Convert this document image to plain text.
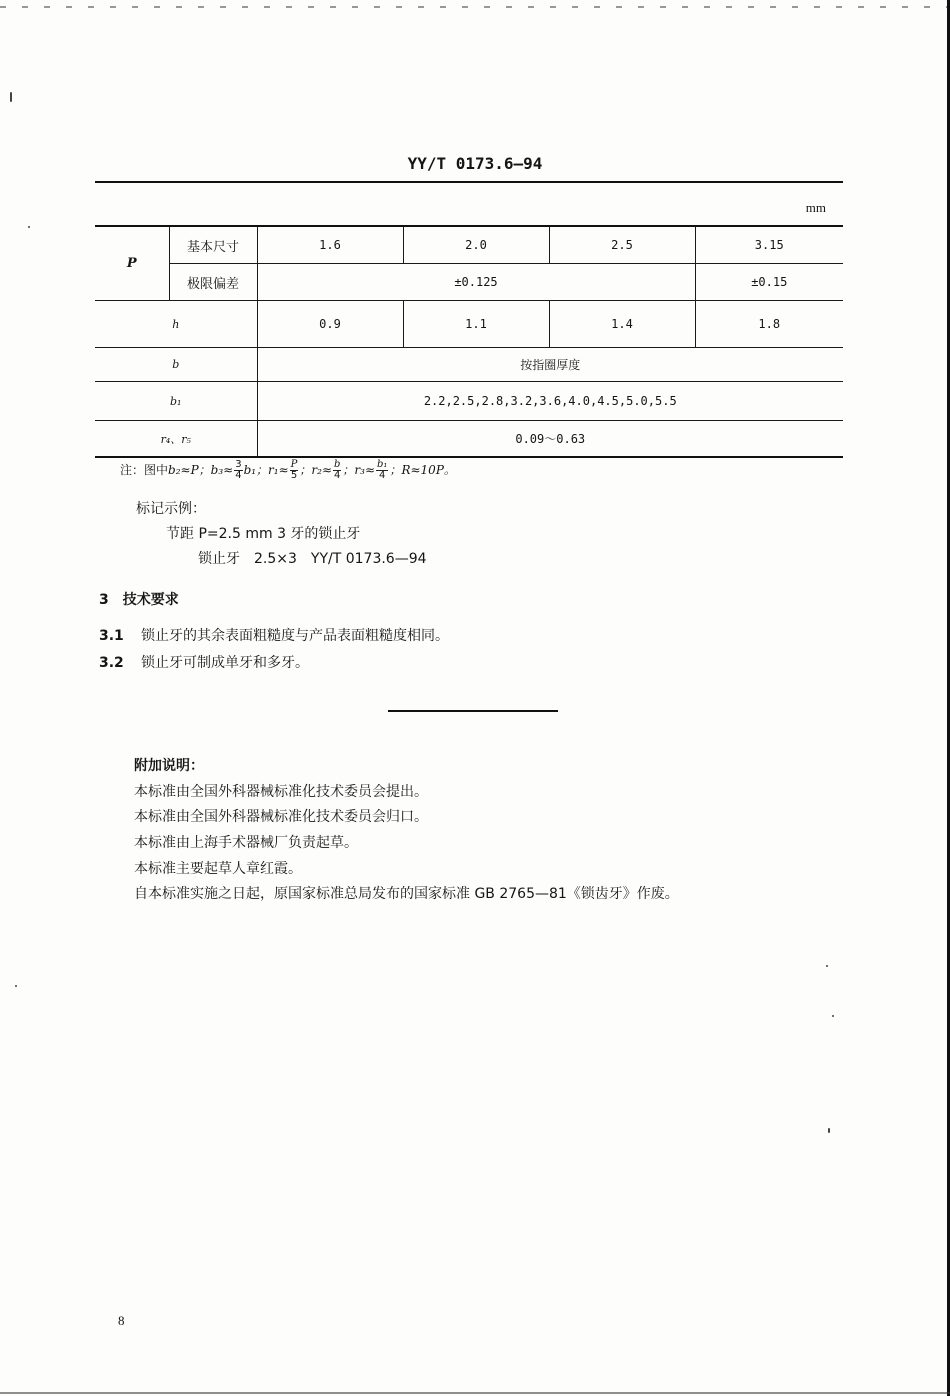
YY/T 0173.6—94
mm
P	基本尺寸	1.6	2.0	2.5	3.15
	极限偏差	±0.125			±0.15
h		0.9	1.1	1.4	1.8
b		按指圈厚度			
b₁		2.2,2.5,2.8,3.2,3.6,4.0,4.5,5.0,5.5			
r₄、r₅		0.09～0.63			
注：图中b₂≈P；$b_3\approx \frac{3}{4} b_1$；$r_1\approx \frac{P}{5}$ ；$r_2\approx \frac{b}{4}$ ；$r_3\approx \frac{\text{b₁}}{4}$ ；R≈10P。
标记示例：
节距 P=2.5 mm 3 牙的锁止牙
锁止牙　2.5×3　YY/T 0173.6—94
3　技术要求
3.1 锁止牙的其余表面粗糙度与产品表面粗糙度相同。
3.2 锁止牙可制成单牙和多牙。
附加说明：
本标准由全国外科器械标准化技术委员会提出。
本标准由全国外科器械标准化技术委员会归口。
本标准由上海手术器械厂负责起草。
本标准主要起草人章红霞。
自本标准实施之日起，原国家标准总局发布的国家标准 GB 2765—81《锁齿牙》作废。
8
